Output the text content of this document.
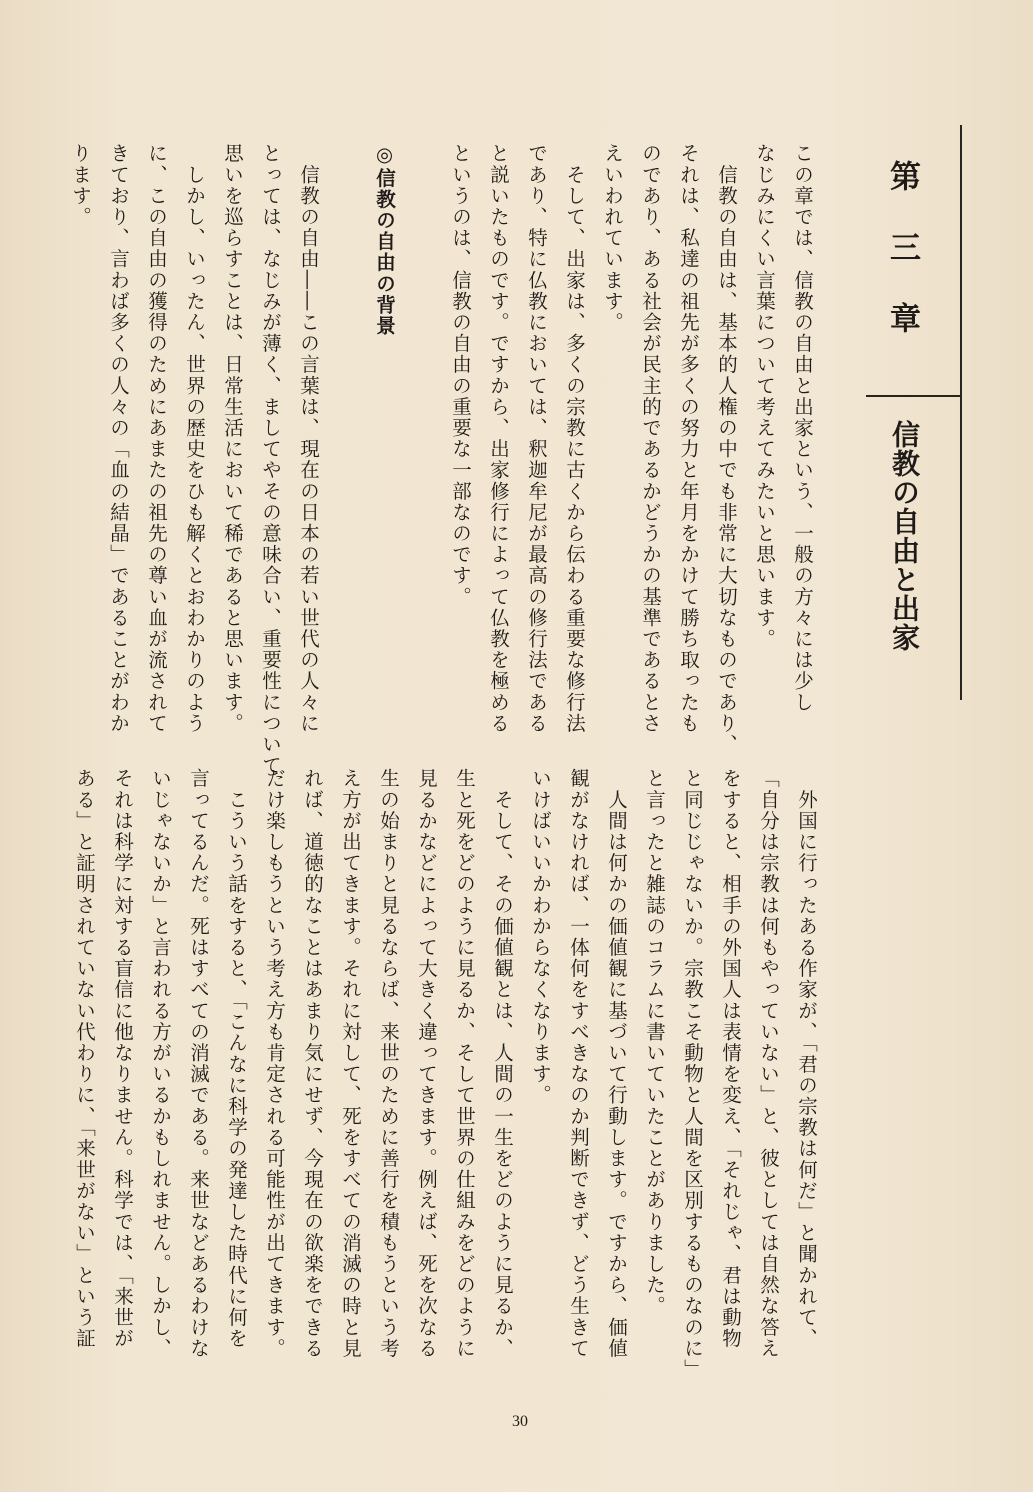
第三章
信教の自由と出家

この章では、信教の自由と出家という、一般の方々には少し

なじみにくい言葉について考えてみたいと思います。

　信教の自由は、基本的人権の中でも非常に大切なものであり、

それは、私達の祖先が多くの努力と年月をかけて勝ち取ったも

のであり、ある社会が民主的であるかどうかの基準であるとさ

えいわれています。

　そして、出家は、多くの宗教に古くから伝わる重要な修行法

であり、特に仏教においては、釈迦牟尼が最高の修行法である

と説いたものです。ですから、出家修行によって仏教を極める

というのは、信教の自由の重要な一部なのです。

◎信教の自由の背景

　信教の自由――この言葉は、現在の日本の若い世代の人々に

とっては、なじみが薄く、ましてやその意味合い、重要性について

思いを巡らすことは、日常生活において稀であると思います。

　しかし、いったん、世界の歴史をひも解くとおわかりのよう

に、この自由の獲得のためにあまたの祖先の尊い血が流されて

きており、言わば多くの人々の「血の結晶」であることがわか

ります。

　外国に行ったある作家が、「君の宗教は何だ」と聞かれて、

「自分は宗教は何もやっていない」と、彼としては自然な答え

をすると、相手の外国人は表情を変え、「それじゃ、君は動物

と同じじゃないか。宗教こそ動物と人間を区別するものなのに」

と言ったと雑誌のコラムに書いていたことがありました。

　人間は何かの価値観に基づいて行動します。ですから、価値

観がなければ、一体何をすべきなのか判断できず、どう生きて

いけばいいかわからなくなります。

　そして、その価値観とは、人間の一生をどのように見るか、

生と死をどのように見るか、そして世界の仕組みをどのように

見るかなどによって大きく違ってきます。例えば、死を次なる

生の始まりと見るならば、来世のために善行を積もうという考

え方が出てきます。それに対して、死をすべての消滅の時と見

れば、道徳的なことはあまり気にせず、今現在の欲楽をできる

だけ楽しもうという考え方も肯定される可能性が出てきます。

　こういう話をすると、「こんなに科学の発達した時代に何を

言ってるんだ。死はすべての消滅である。来世などあるわけな

いじゃないか」と言われる方がいるかもしれません。しかし、

それは科学に対する盲信に他なりません。科学では、「来世が

ある」と証明されていない代わりに、「来世がない」という証

30
